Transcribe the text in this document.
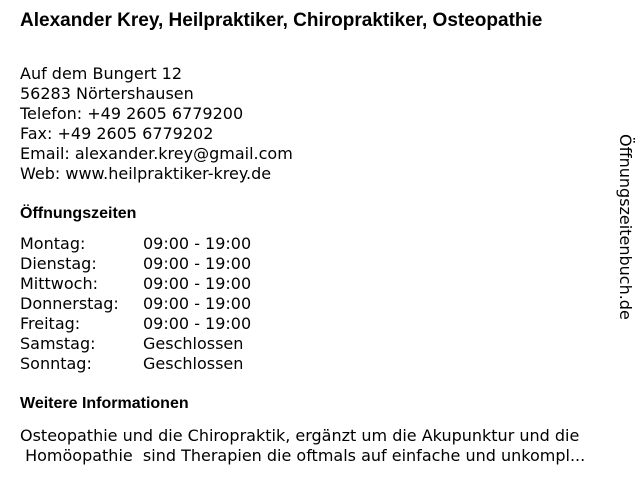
Alexander Krey, Heilpraktiker, Chiropraktiker, Osteopathie
Auf dem Bungert 12
56283 Nörtershausen
Telefon: +49 2605 6779200
Fax: +49 2605 6779202
Email: alexander.krey@gmail.com
Web: www.heilpraktiker-krey.de
Öffnungszeiten
Montag:	09:00 - 19:00
Dienstag:	09:00 - 19:00
Mittwoch:	09:00 - 19:00
Donnerstag:	09:00 - 19:00
Freitag:	09:00 - 19:00
Samstag:	Geschlossen
Sonntag:	Geschlossen
Weitere Informationen
Osteopathie und die Chiropraktik, ergänzt um die Akupunktur und die
Homöopathie  sind Therapien die oftmals auf einfache und unkompl...
Öffnungszeitenbuch.de
